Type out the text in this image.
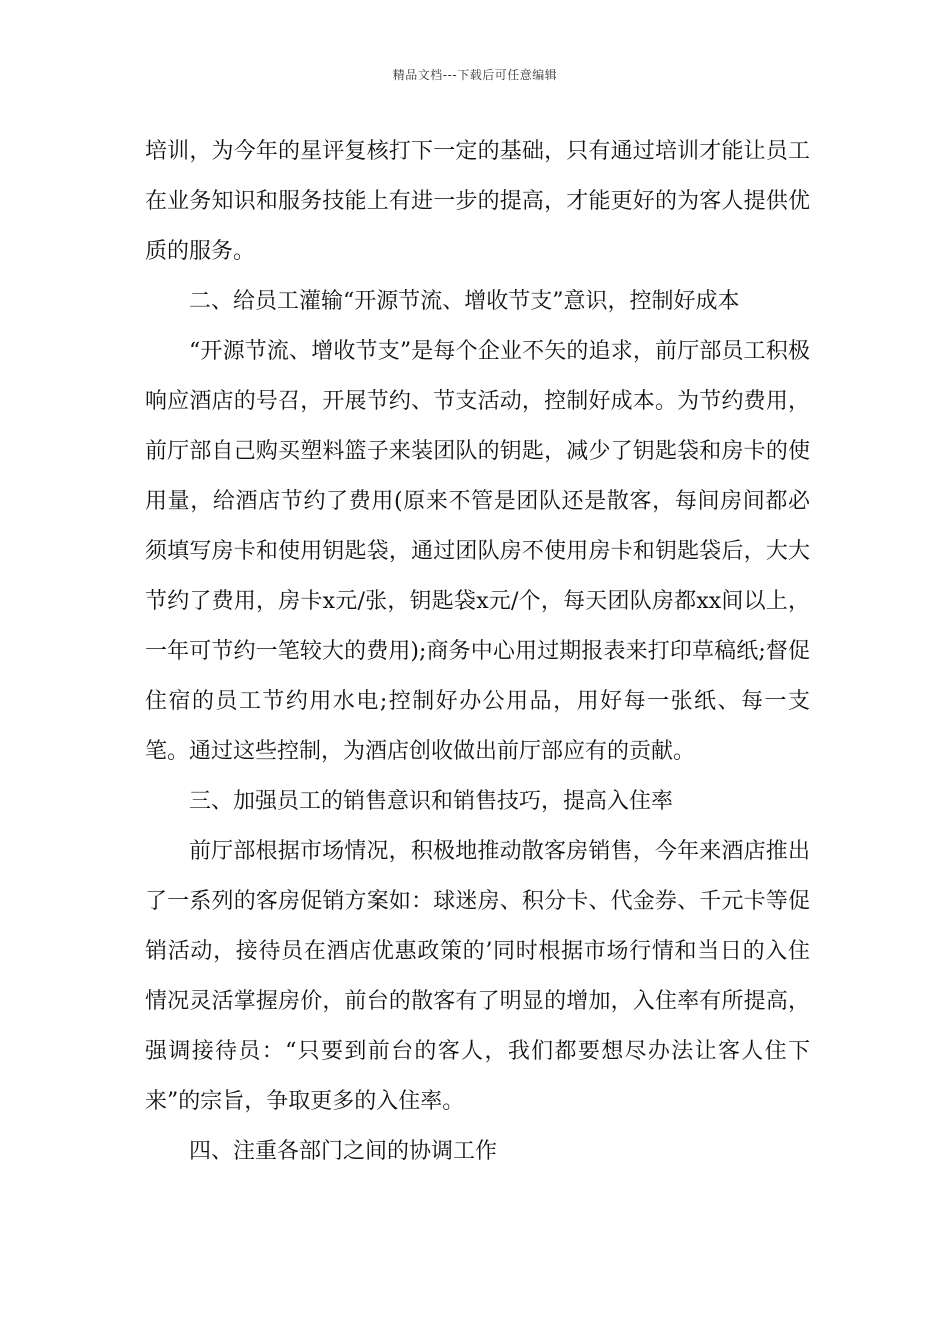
精品文档---下载后可任意编辑

培训，为今年的星评复核打下一定的基础，只有通过培训才能让员工在业务知识和服务技能上有进一步的提高，才能更好的为客人提供优质的服务。

二、给员工灌输“开源节流、增收节支”意识，控制好成本

“开源节流、增收节支”是每个企业不矢的追求，前厅部员工积极响应酒店的号召，开展节约、节支活动，控制好成本。为节约费用，前厅部自己购买塑料篮子来装团队的钥匙，减少了钥匙袋和房卡的使用量，给酒店节约了费用(原来不管是团队还是散客，每间房间都必须填写房卡和使用钥匙袋，通过团队房不使用房卡和钥匙袋后，大大节约了费用，房卡x元/张，钥匙袋x元/个，每天团队房都xx间以上，一年可节约一笔较大的费用);商务中心用过期报表来打印草稿纸;督促住宿的员工节约用水电;控制好办公用品，用好每一张纸、每一支笔。通过这些控制，为酒店创收做出前厅部应有的贡献。

三、加强员工的销售意识和销售技巧，提高入住率

前厅部根据市场情况，积极地推动散客房销售，今年来酒店推出了一系列的客房促销方案如：球迷房、积分卡、代金券、千元卡等促销活动，接待员在酒店优惠政策的’同时根据市场行情和当日的入住情况灵活掌握房价，前台的散客有了明显的增加，入住率有所提高，强调接待员：“只要到前台的客人，我们都要想尽办法让客人住下来”的宗旨，争取更多的入住率。

四、注重各部门之间的协调工作
